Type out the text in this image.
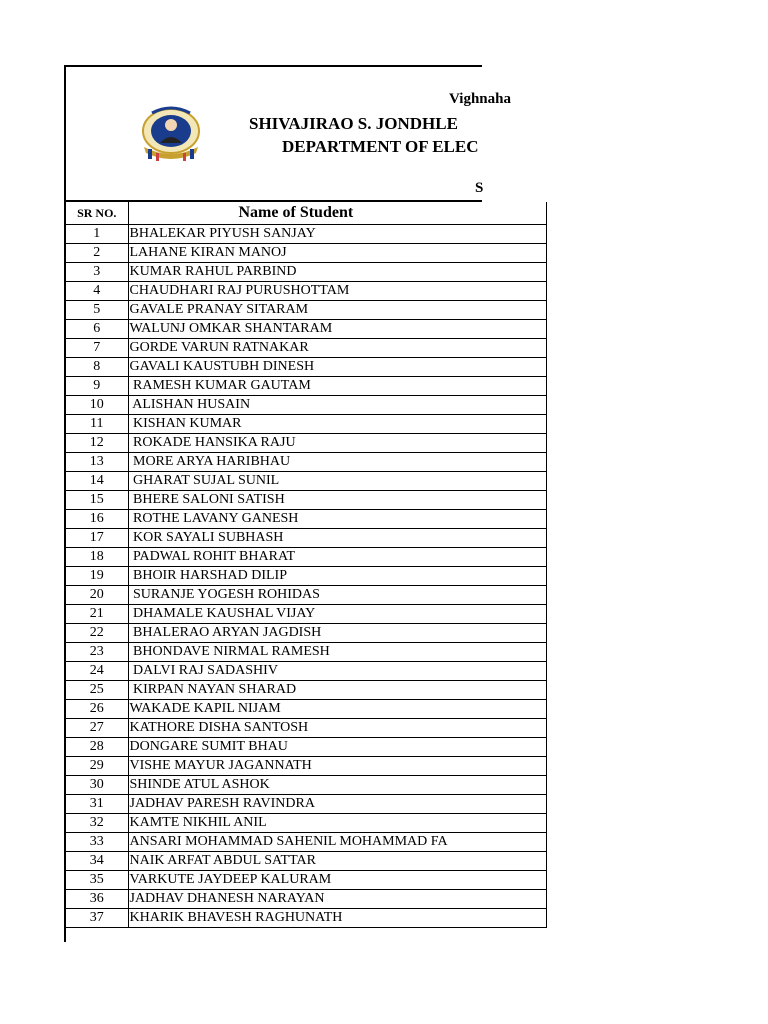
Vighnaha
SHIVAJIRAO S. JONDHLE
DEPARTMENT OF ELEC
S
SR NO.	Name of Student
1	BHALEKAR PIYUSH SANJAY
2	LAHANE KIRAN MANOJ
3	KUMAR RAHUL PARBIND
4	CHAUDHARI RAJ PURUSHOTTAM
5	GAVALE PRANAY SITARAM
6	WALUNJ OMKAR SHANTARAM
7	GORDE VARUN RATNAKAR
8	GAVALI KAUSTUBH DINESH
9	RAMESH KUMAR GAUTAM
10	ALISHAN HUSAIN
11	KISHAN KUMAR
12	ROKADE HANSIKA RAJU
13	MORE ARYA HARIBHAU
14	GHARAT SUJAL SUNIL
15	BHERE SALONI SATISH
16	ROTHE LAVANY GANESH
17	KOR SAYALI SUBHASH
18	PADWAL ROHIT BHARAT
19	BHOIR HARSHAD DILIP
20	SURANJE YOGESH ROHIDAS
21	DHAMALE KAUSHAL VIJAY
22	BHALERAO ARYAN JAGDISH
23	BHONDAVE NIRMAL RAMESH
24	DALVI RAJ SADASHIV
25	KIRPAN NAYAN SHARAD
26	WAKADE KAPIL NIJAM
27	KATHORE DISHA SANTOSH
28	DONGARE SUMIT BHAU
29	VISHE MAYUR JAGANNATH
30	SHINDE ATUL ASHOK
31	JADHAV PARESH RAVINDRA
32	KAMTE NIKHIL ANIL
33	ANSARI MOHAMMAD SAHENIL MOHAMMAD FA
34	NAIK ARFAT ABDUL SATTAR
35	VARKUTE JAYDEEP KALURAM
36	JADHAV DHANESH NARAYAN
37	KHARIK BHAVESH RAGHUNATH
